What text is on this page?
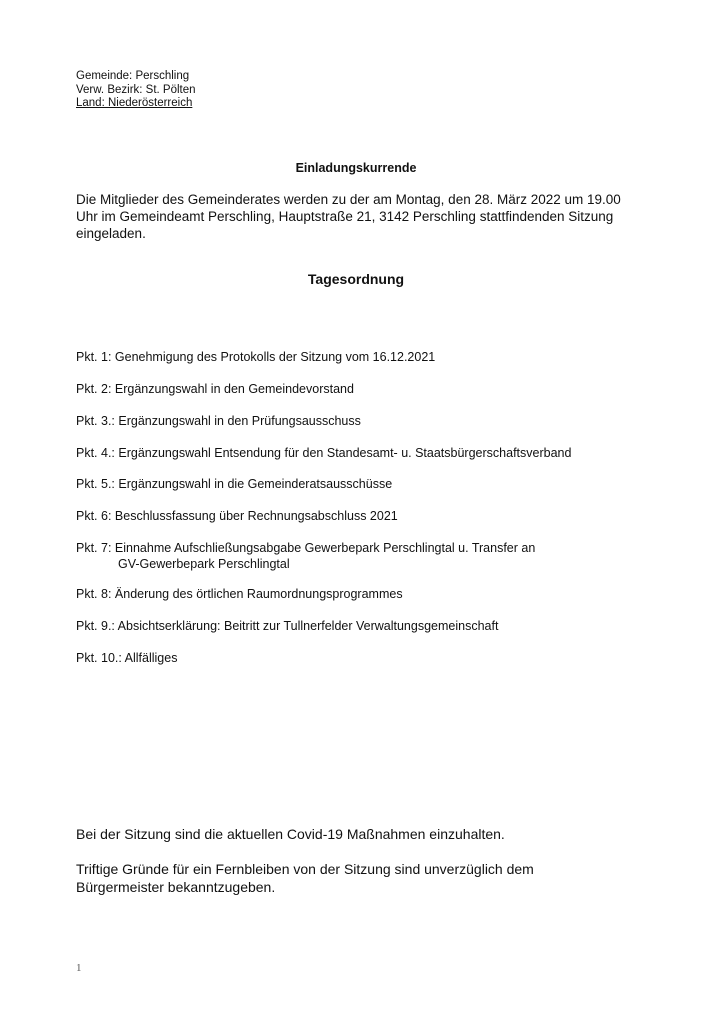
Gemeinde: Perschling
Verw. Bezirk: St. Pölten
Land: Niederösterreich
Einladungskurrende
Die Mitglieder des Gemeinderates werden zu der am Montag, den 28. März 2022 um 19.00
Uhr im Gemeindeamt Perschling, Hauptstraße 21, 3142 Perschling stattfindenden Sitzung
eingeladen.
Tagesordnung
Pkt. 1: Genehmigung des Protokolls der Sitzung vom 16.12.2021
Pkt. 2: Ergänzungswahl in den Gemeindevorstand
Pkt. 3.: Ergänzungswahl in den Prüfungsausschuss
Pkt. 4.: Ergänzungswahl Entsendung für den Standesamt- u. Staatsbürgerschaftsverband
Pkt. 5.: Ergänzungswahl in die Gemeinderatsausschüsse
Pkt. 6: Beschlussfassung über Rechnungsabschluss 2021
Pkt. 7: Einnahme Aufschließungsabgabe Gewerbepark Perschlingtal u. Transfer an
GV-Gewerbepark Perschlingtal
Pkt. 8: Änderung des örtlichen Raumordnungsprogrammes
Pkt. 9.: Absichtserklärung: Beitritt zur Tullnerfelder Verwaltungsgemeinschaft
Pkt. 10.: Allfälliges
Bei der Sitzung sind die aktuellen Covid-19 Maßnahmen einzuhalten.
Triftige Gründe für ein Fernbleiben von der Sitzung sind unverzüglich dem
Bürgermeister bekanntzugeben.
1
